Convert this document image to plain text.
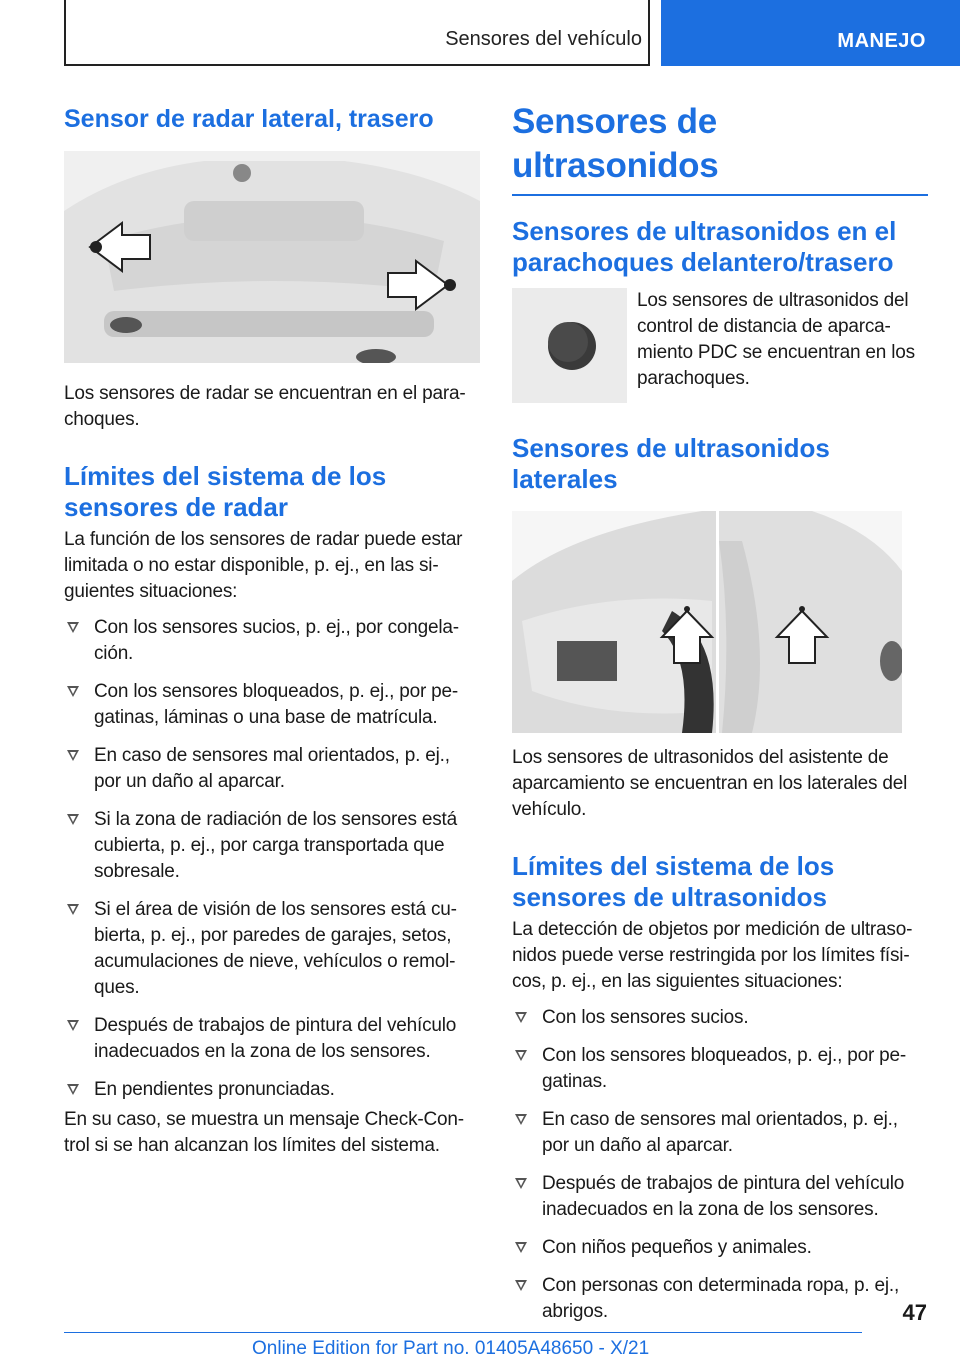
Sensores del vehículo	MANEJO
Sensor de radar lateral, trasero

Los sensores de radar se encuentran en el parachoques.

Límites del sistema de los sensores de radar

La función de los sensores de radar puede estar limitada o no estar disponible, p. ej., en las siguientes situaciones:

Con los sensores sucios, p. ej., por congelación.
Con los sensores bloqueados, p. ej., por pegatinas, láminas o una base de matrícula.
En caso de sensores mal orientados, p. ej., por un daño al aparcar.
Si la zona de radiación de los sensores está cubierta, p. ej., por carga transportada que sobresale.
Si el área de visión de los sensores está cubierta, p. ej., por paredes de garajes, setos, acumulaciones de nieve, vehículos o remolques.
Después de trabajos de pintura del vehículo inadecuados en la zona de los sensores.
En pendientes pronunciadas.

En su caso, se muestra un mensaje Check-Control si se han alcanzan los límites del sistema.

Sensores de ultrasonidos
Sensores de ultrasonidos en el parachoques delantero/trasero

Los sensores de ultrasonidos del control de distancia de aparcamiento PDC se encuentran en los parachoques.

Sensores de ultrasonidos laterales

Los sensores de ultrasonidos del asistente de aparcamiento se encuentran en los laterales del vehículo.

Límites del sistema de los sensores de ultrasonidos

La detección de objetos por medición de ultrasonidos puede verse restringida por los límites físicos, p. ej., en las siguientes situaciones:

Con los sensores sucios.
Con los sensores bloqueados, p. ej., por pegatinas.
En caso de sensores mal orientados, p. ej., por un daño al aparcar.
Después de trabajos de pintura del vehículo inadecuados en la zona de los sensores.
Con niños pequeños y animales.
Con personas con determinada ropa, p. ej., abrigos.	47
Online Edition for Part no. 01405A48650 - X/21
